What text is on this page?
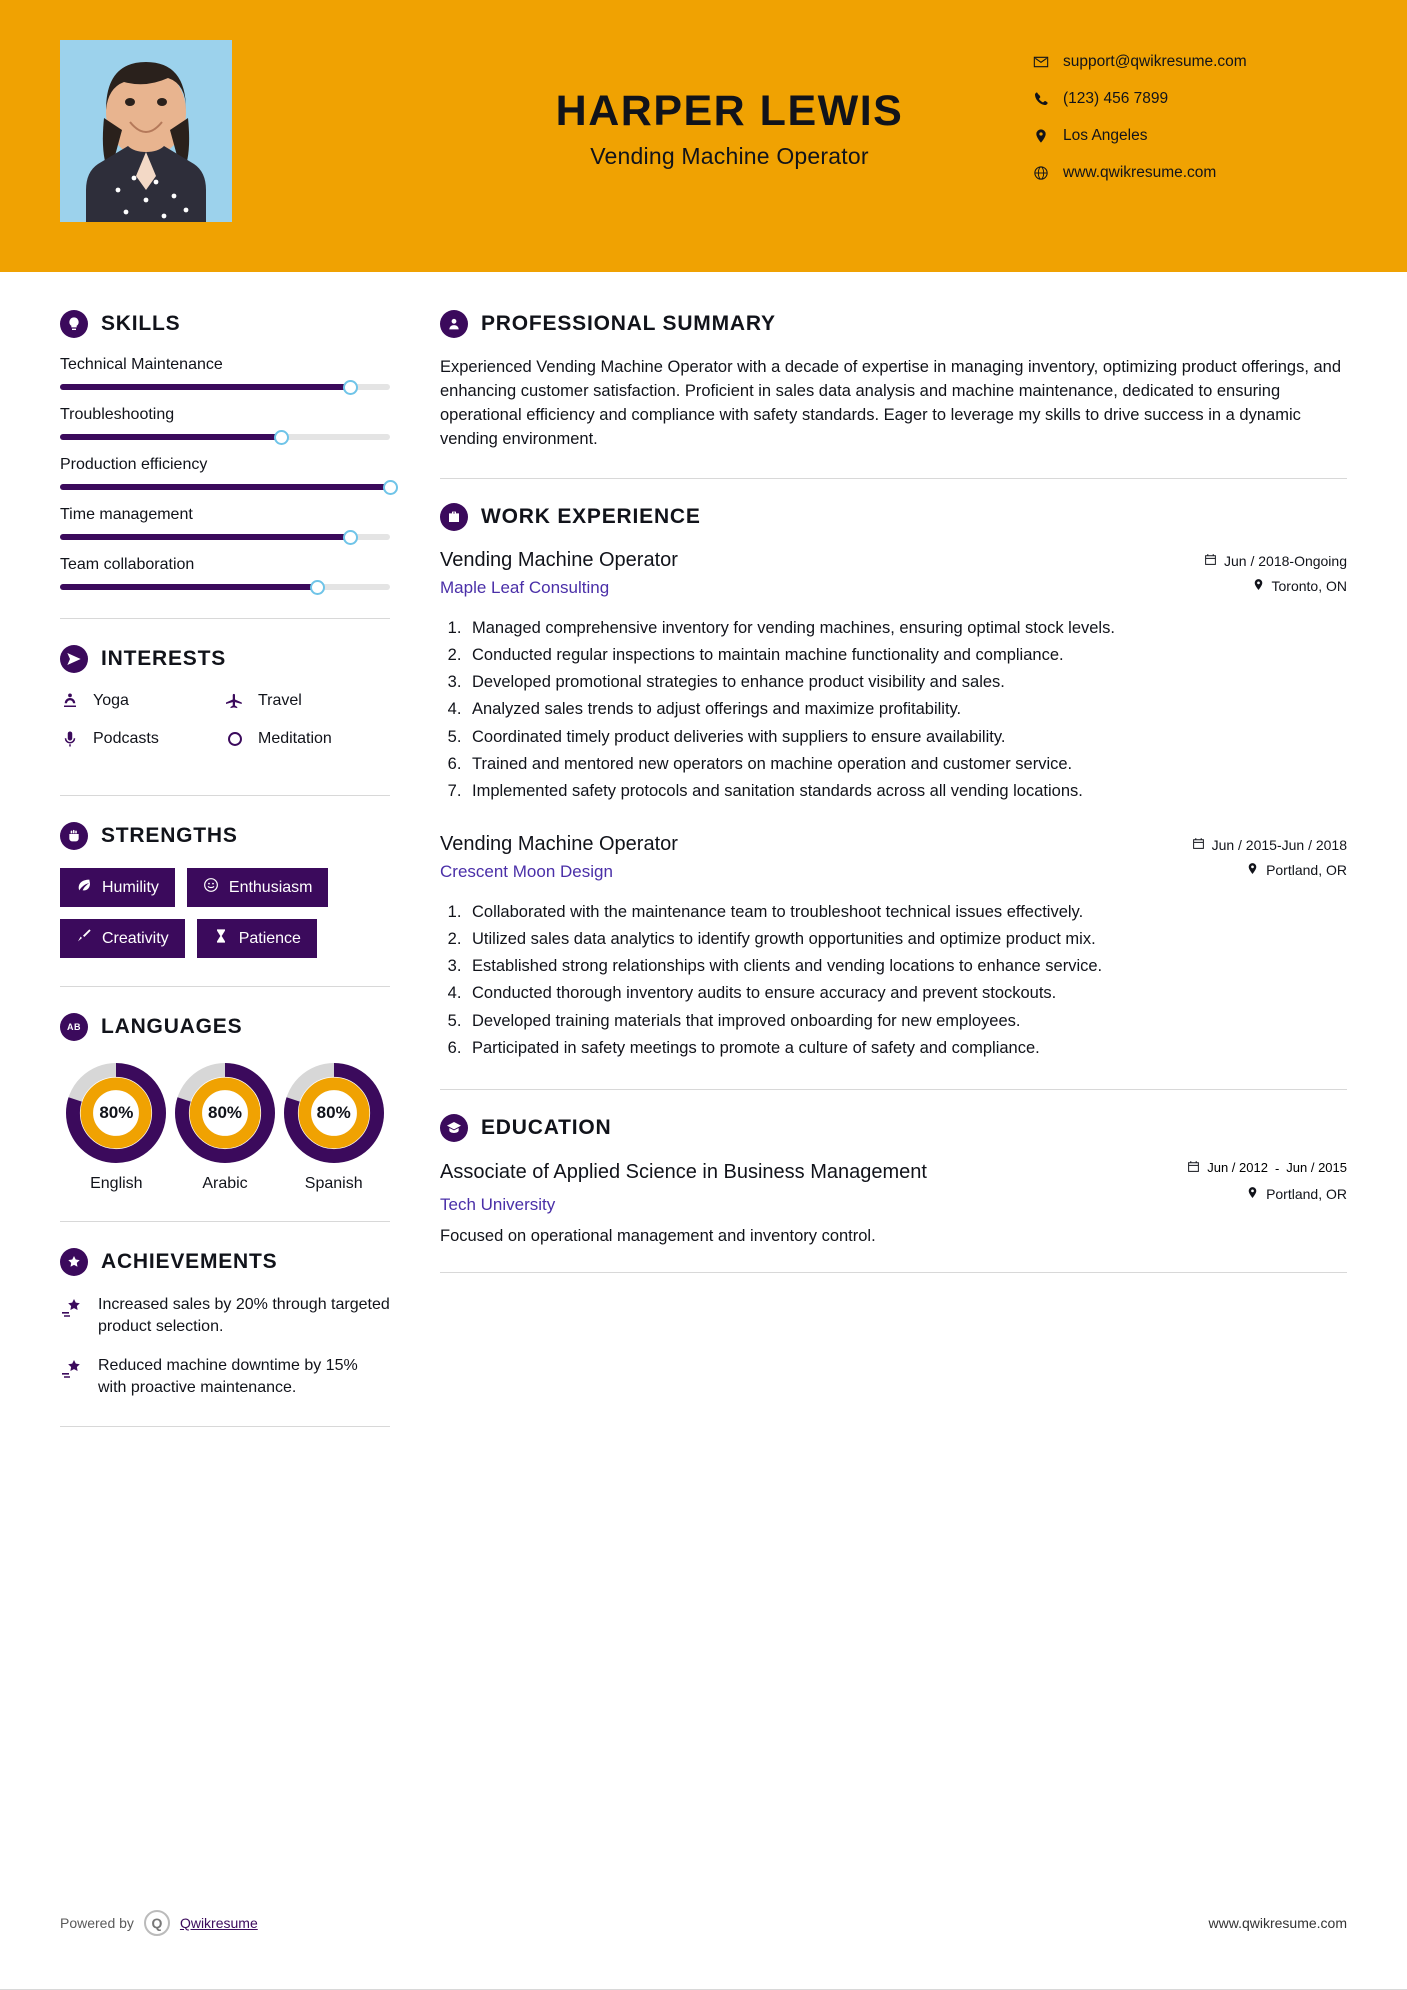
HARPER LEWIS
Vending Machine Operator
support@qwikresume.com
(123) 456 7899
Los Angeles
www.qwikresume.com
SKILLS
Technical Maintenance
Troubleshooting
Production efficiency
Time management
Team collaboration
INTERESTS
Yoga	Travel
Podcasts	Meditation
STRENGTHS
Humility	Enthusiasm
Creativity	Patience
AB LANGUAGES
80%
English
80%
Arabic
80%
Spanish
ACHIEVEMENTS
Increased sales by 20% through targeted product selection.
Reduced machine downtime by 15% with proactive maintenance.
PROFESSIONAL SUMMARY
Experienced Vending Machine Operator with a decade of expertise in managing inventory, optimizing product offerings, and enhancing customer satisfaction. Proficient in sales data analysis and machine maintenance, dedicated to ensuring operational efficiency and compliance with safety standards. Eager to leverage my skills to drive success in a dynamic vending environment.
WORK EXPERIENCE
Vending Machine Operator
Maple Leaf Consulting
Jun / 2018-Ongoing
Toronto, ON
1. Managed comprehensive inventory for vending machines, ensuring optimal stock levels.
2. Conducted regular inspections to maintain machine functionality and compliance.
3. Developed promotional strategies to enhance product visibility and sales.
4. Analyzed sales trends to adjust offerings and maximize profitability.
5. Coordinated timely product deliveries with suppliers to ensure availability.
6. Trained and mentored new operators on machine operation and customer service.
7. Implemented safety protocols and sanitation standards across all vending locations.
Vending Machine Operator
Crescent Moon Design
Jun / 2015-Jun / 2018
Portland, OR
1. Collaborated with the maintenance team to troubleshoot technical issues effectively.
2. Utilized sales data analytics to identify growth opportunities and optimize product mix.
3. Established strong relationships with clients and vending locations to enhance service.
4. Conducted thorough inventory audits to ensure accuracy and prevent stockouts.
5. Developed training materials that improved onboarding for new employees.
6. Participated in safety meetings to promote a culture of safety and compliance.
EDUCATION
Associate of Applied Science in Business Management
Tech University
Jun / 2012 - Jun / 2015
Portland, OR
Focused on operational management and inventory control.
Powered by	Q	Qwikresume	www.qwikresume.com
